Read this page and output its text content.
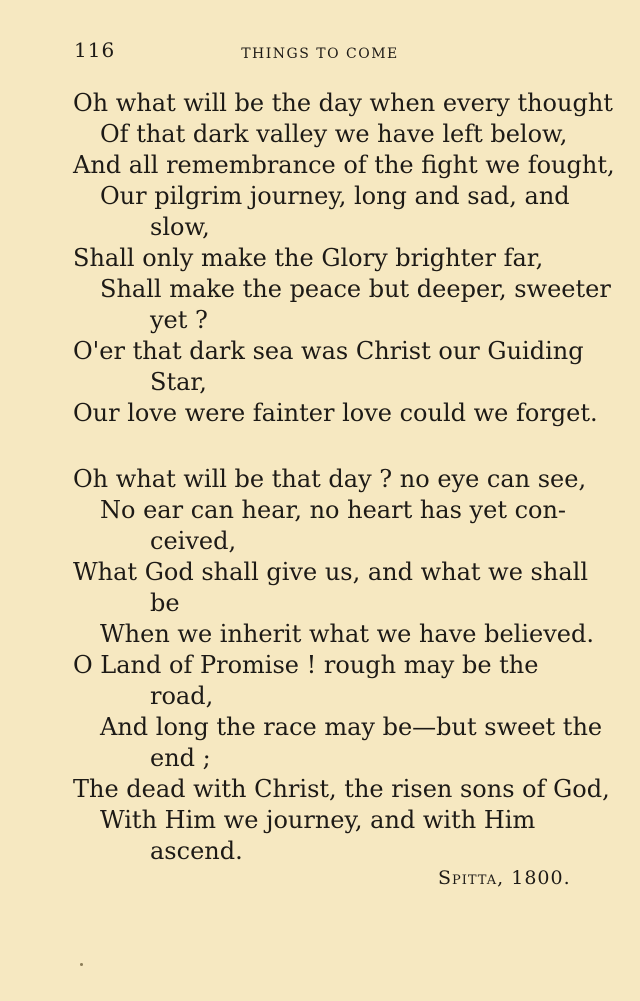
116	THINGS TO COME
Oh what will be the day when every thought
Of that dark valley we have left below,
And all remembrance of the fight we fought,
Our pilgrim journey, long and sad, and
slow,
Shall only make the Glory brighter far,
Shall make the peace but deeper, sweeter
yet ?
O'er that dark sea was Christ our Guiding
Star,
Our love were fainter love could we forget.
Oh what will be that day ? no eye can see,
No ear can hear, no heart has yet con-
ceived,
What God shall give us, and what we shall
be
When we inherit what we have believed.
O Land of Promise ! rough may be the
road,
And long the race may be—but sweet the
end ;
The dead with Christ, the risen sons of God,
With Him we journey, and with Him
ascend.
Spitta, 1800.
